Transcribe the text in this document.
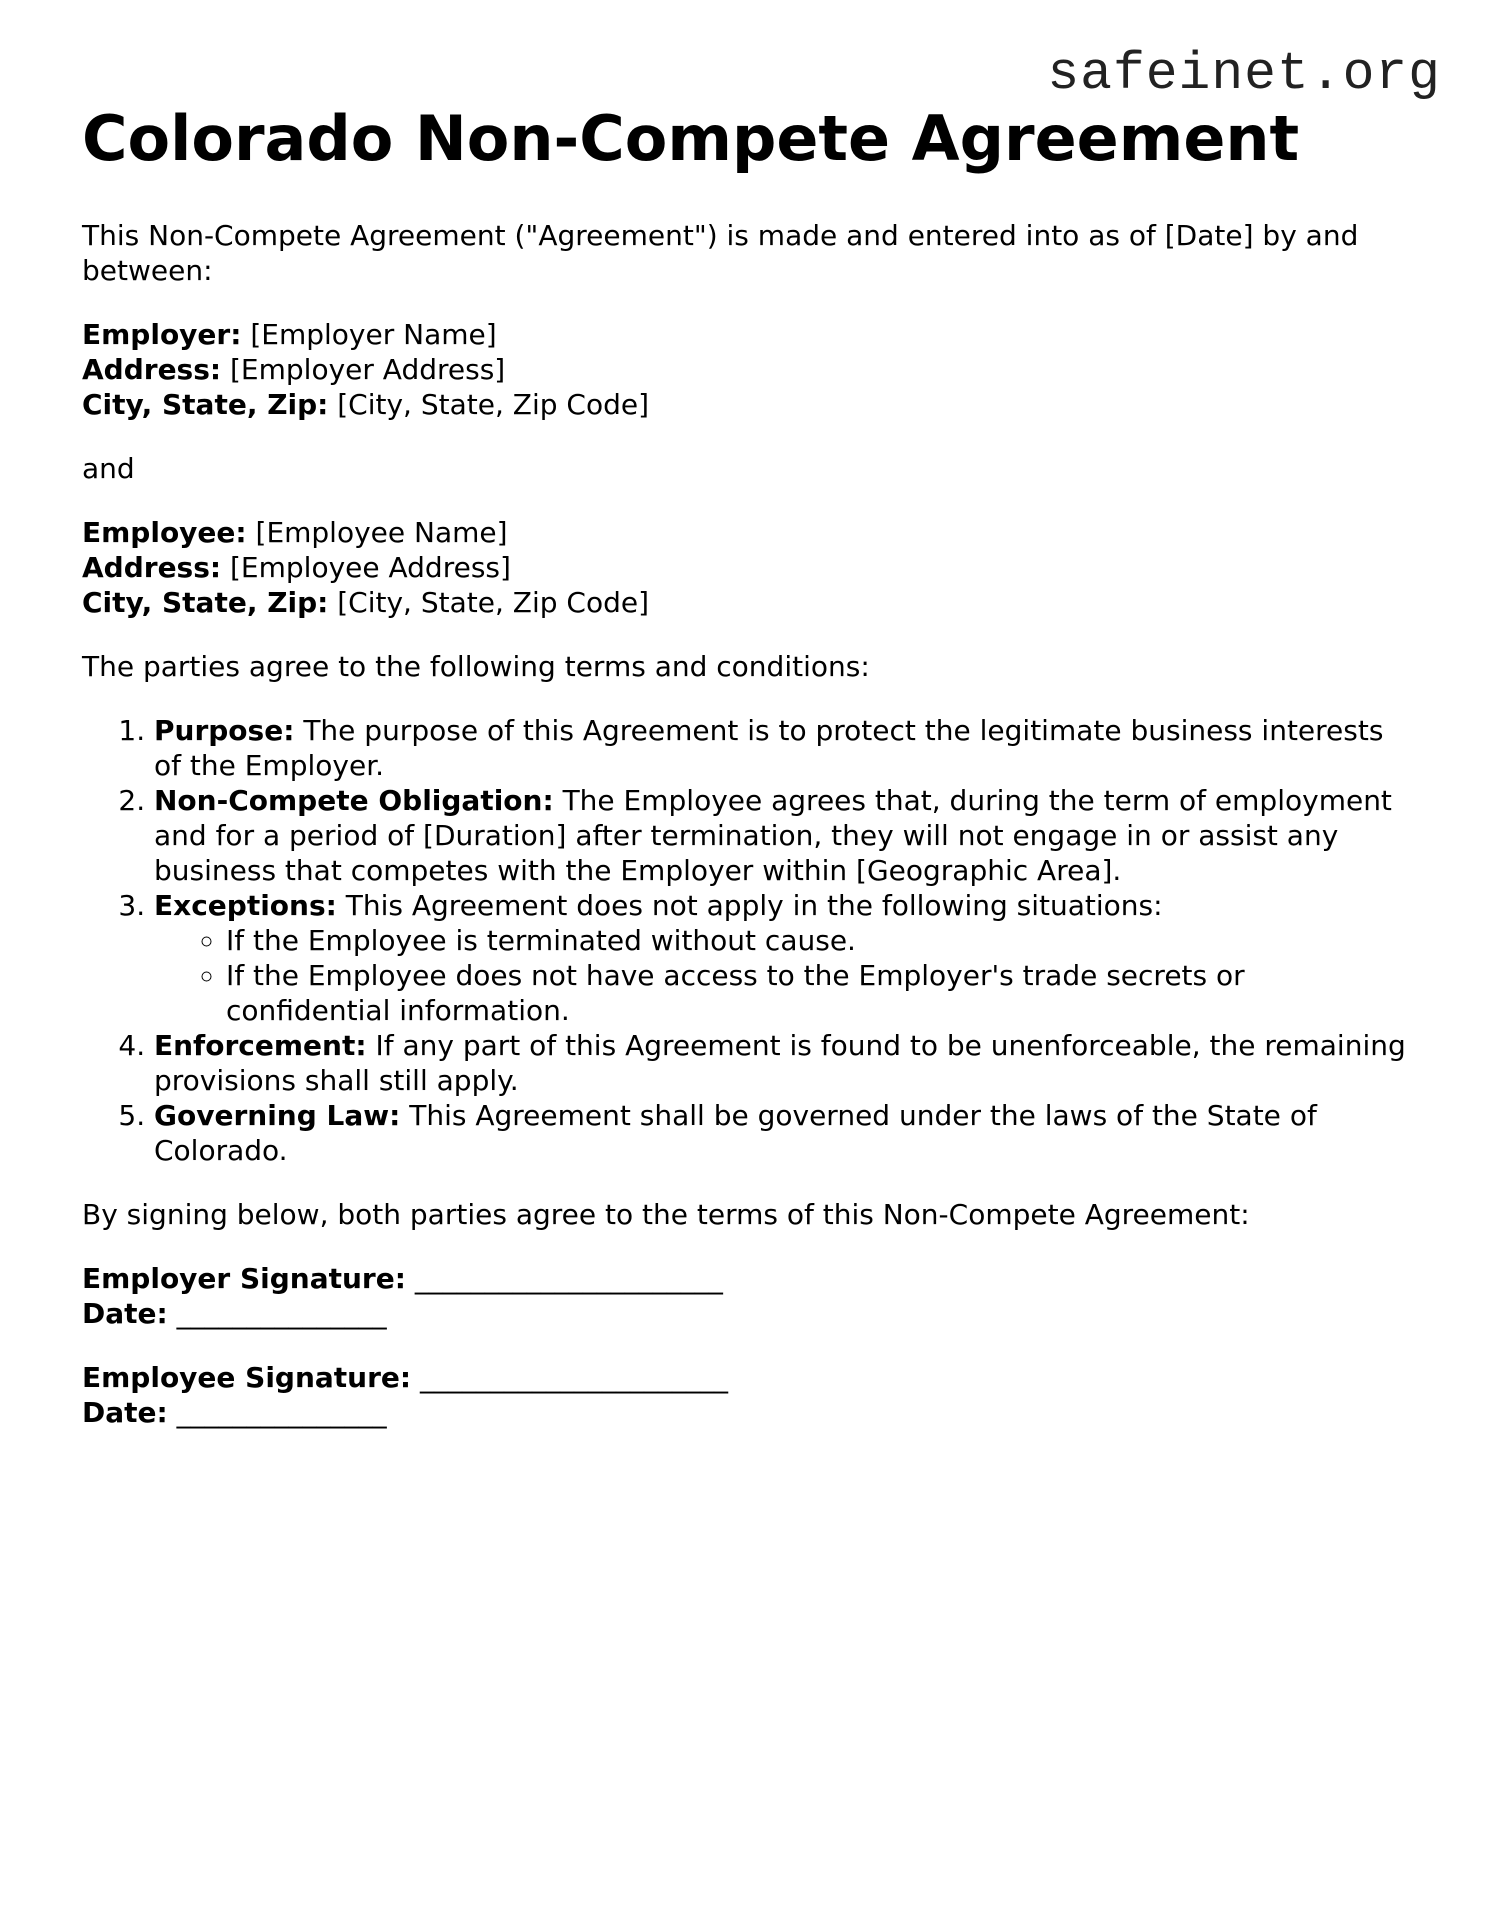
safeinet.org
Colorado Non-Compete Agreement

This Non-Compete Agreement ("Agreement") is made and entered into as of [Date] by and between:

Employer: [Employer Name]
Address: [Employer Address]
City, State, Zip: [City, State, Zip Code]

and

Employee: [Employee Name]
Address: [Employee Address]
City, State, Zip: [City, State, Zip Code]

The parties agree to the following terms and conditions:

1. Purpose: The purpose of this Agreement is to protect the legitimate business interests of the Employer.
2. Non-Compete Obligation: The Employee agrees that, during the term of employment and for a period of [Duration] after termination, they will not engage in or assist any business that competes with the Employer within [Geographic Area].
3. Exceptions: This Agreement does not apply in the following situations:
◦ If the Employee is terminated without cause.
◦ If the Employee does not have access to the Employer's trade secrets or confidential information.
4. Enforcement: If any part of this Agreement is found to be unenforceable, the remaining provisions shall still apply.
5. Governing Law: This Agreement shall be governed under the laws of the State of Colorado.

By signing below, both parties agree to the terms of this Non-Compete Agreement:

Employer Signature: ______________________
Date: _______________
Employee Signature: ______________________
Date: _______________
